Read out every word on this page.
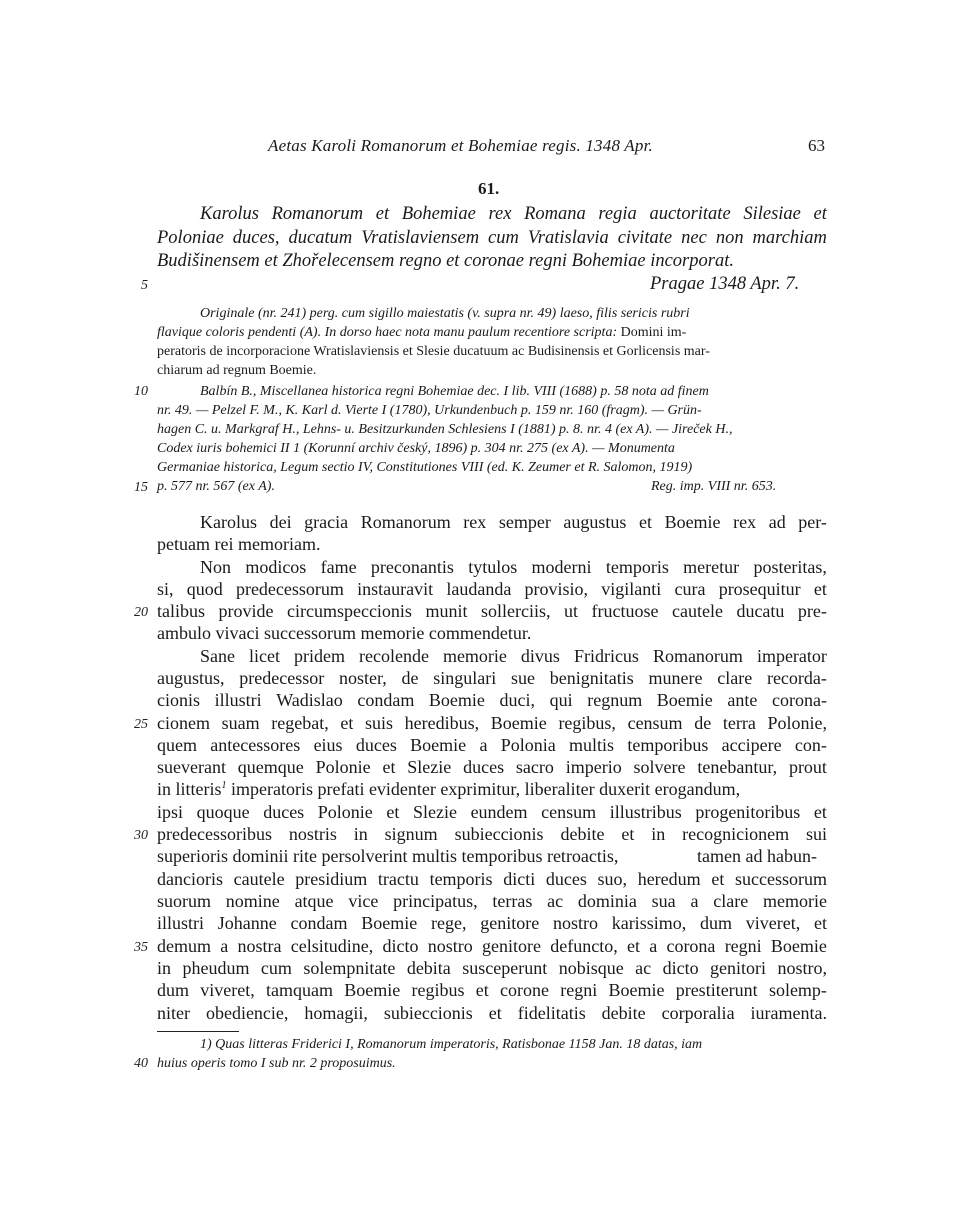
Aetas Karoli Romanorum et Bohemiae regis. 1348 Apr.	63
61.
Karolus Romanorum et Bohemiae rex Romana regia auctoritate Silesiae et
Poloniae duces, ducatum Vratislaviensem cum Vratislavia civitate nec non marchiam
Budišinensem et Zhořelecensem regno et coronae regni Bohemiae incorporat.
5	Pragae 1348 Apr. 7.
Originale (nr. 241) perg. cum sigillo maiestatis (v. supra nr. 49) laeso, filis sericis rubri
flavique coloris pendenti (A). In dorso haec nota manu paulum recentiore scripta: Domini im-
peratoris de incorporacione Wratislaviensis et Slesie ducatuum ac Budisinensis et Gorlicensis mar-
chiarum ad regnum Boemie.
10	Balbín B., Miscellanea historica regni Bohemiae dec. I lib. VIII (1688) p. 58 nota ad finem
nr. 49. — Pelzel F. M., K. Karl d. Vierte I (1780), Urkundenbuch p. 159 nr. 160 (fragm). — Grün-
hagen C. u. Markgraf H., Lehns- u. Besitzurkunden Schlesiens I (1881) p. 8. nr. 4 (ex A). — Jireček H.,
Codex iuris bohemici II 1 (Korunní archiv český, 1896) p. 304 nr. 275 (ex A). — Monumenta
Germaniae historica, Legum sectio IV, Constitutiones VIII (ed. K. Zeumer et R. Salomon, 1919)
15 p. 577 nr. 567 (ex A).	Reg. imp. VIII nr. 653.
Karolus dei gracia Romanorum rex semper augustus et Boemie rex ad per-
petuam rei memoriam.
Non modicos fame preconantis tytulos moderni temporis meretur posteritas,
si, quod predecessorum instauravit laudanda provisio, vigilanti cura prosequitur et
20 talibus provide circumspeccionis munit sollerciis, ut fructuose cautele ducatu pre-
ambulo vivaci successorum memorie commendetur.
Sane licet pridem recolende memorie divus Fridricus Romanorum imperator
augustus, predecessor noster, de singulari sue benignitatis munere clare recorda-
cionis illustri Wadislao condam Boemie duci, qui regnum Boemie ante corona-
25 cionem suam regebat, et suis heredibus, Boemie regibus, censum de terra Polonie,
quem antecessores eius duces Boemie a Polonia multis temporibus accipere con-
sueverant quemque Polonie et Slezie duces sacro imperio solvere tenebantur, prout
in litteris$^1$ imperatoris prefati evidenter exprimitur, liberaliter duxerit erogandum,
ipsi quoque duces Polonie et Slezie eundem censum illustribus progenitoribus et
30 predecessoribus nostris in signum subieccionis debite et in recognicionem sui
superioris dominii rite persolverint multis temporibus retroactis,	tamen ad habun-
dancioris cautele presidium tractu temporis dicti duces suo, heredum et successorum
suorum nomine atque vice principatus, terras ac dominia sua a clare memorie
illustri Johanne condam Boemie rege, genitore nostro karissimo, dum viveret, et
35 demum a nostra celsitudine, dicto nostro genitore defuncto, et a corona regni Boemie
in pheudum cum solempnitate debita susceperunt nobisque ac dicto genitori nostro,
dum viveret, tamquam Boemie regibus et corone regni Boemie prestiterunt solemp-
niter obediencie, homagii, subieccionis et fidelitatis debite corporalia iuramenta.
1) Quas litteras Friderici I, Romanorum imperatoris, Ratisbonae 1158 Jan. 18 datas, iam
40 huius operis tomo I sub nr. 2 proposuimus.
